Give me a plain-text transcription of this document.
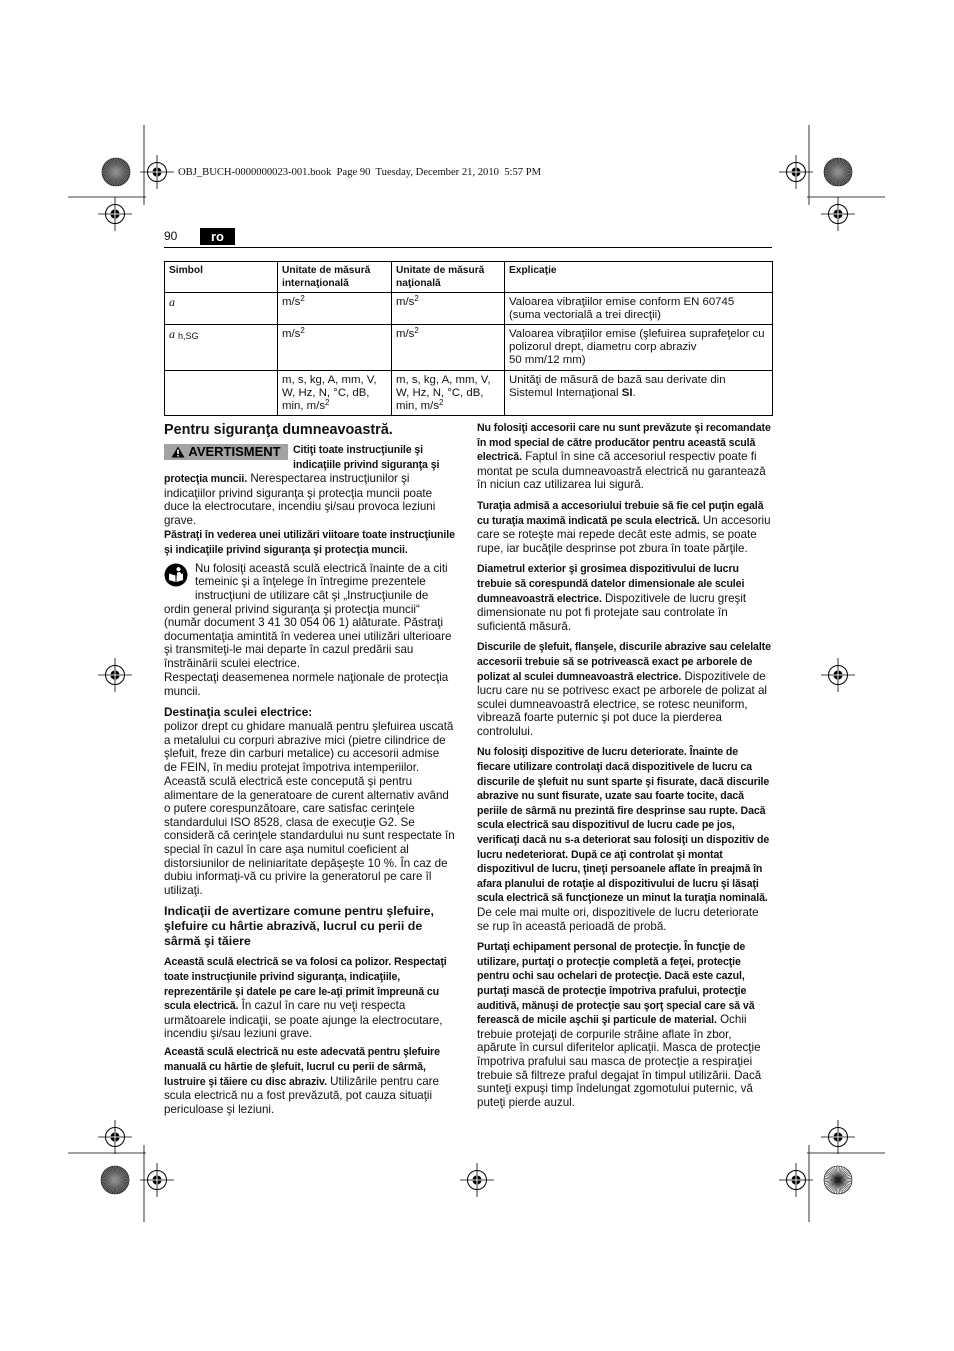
OBJ_BUCH-0000000023-001.book  Page 90  Tuesday, December 21, 2010  5:57 PM
90	ro
Simbol	Unitate de măsură internaţională	Unitate de măsură naţională	Explicaţie
a	$m/s^2$	$m/s^2$	Valoarea vibraţiilor emise conform EN 60745 (suma vectorială a trei direcţii)
a h,SG	$m/s^2$	$m/s^2$	Valoarea vibraţiilor emise (şlefuirea suprafeţelor cu polizorul drept, diametru corp abraziv 50 mm/12 mm)
	m, s, kg, A, mm, V, W, Hz, N, °C, dB, min, $m/s^2$	m, s, kg, A, mm, V, W, Hz, N, °C, dB, min, $m/s^2$	Unităţi de măsură de bază sau derivate din Sistemul Internaţional SI.
Pentru siguranţa dumneavoastră.

AVERTISMENT Citiţi toate instrucţiunile şi indicaţiile privind siguranţa şi protecţia muncii. Nerespectarea instrucţiunilor şi indicaţiilor privind siguranţa şi protecţia muncii poate duce la electrocutare, incendiu şi/sau provoca leziuni grave.

Păstraţi în vederea unei utilizări viitoare toate instrucţiunile şi indicaţiile privind siguranţa şi protecţia muncii.

Nu folosiţi această sculă electrică înainte de a citi temeinic şi a înţelege în întregime prezentele instrucţiuni de utilizare cât şi „Instrucţiunile de ordin general privind siguranţa şi protecţia muncii“ (număr document 3 41 30 054 06 1) alăturate. Păstraţi documentaţia amintită în vederea unei utilizări ulterioare şi transmiteţi-le mai departe în cazul predării sau înstrăinării sculei electrice.

Respectaţi deasemenea normele naţionale de protecţia muncii.

Destinaţia sculei electrice:

polizor drept cu ghidare manuală pentru şlefuirea uscată a metalului cu corpuri abrazive mici (pietre cilindrice de şlefuit, freze din carburi metalice) cu accesorii admise de FEIN, în mediu protejat împotriva intemperiilor.

Această sculă electrică este concepută şi pentru alimentare de la generatoare de curent alternativ având o putere corespunzătoare, care satisfac cerinţele standardului ISO 8528, clasa de execuţie G2. Se consideră că cerinţele standardului nu sunt respectate în special în cazul în care aşa numitul coeficient al distorsiunilor de neliniaritate depăşeşte 10 %. În caz de dubiu informaţi-vă cu privire la generatorul pe care îl utilizaţi.

Indicaţii de avertizare comune pentru şlefuire, şlefuire cu hârtie abrazivă, lucrul cu perii de sârmă şi tăiere

Această sculă electrică se va folosi ca polizor. Respectaţi toate instrucţiunile privind siguranţa, indicaţiile, reprezentările şi datele pe care le-aţi primit împreună cu scula electrică. În cazul în care nu veţi respecta următoarele indicaţii, se poate ajunge la electrocutare, incendiu şi/sau leziuni grave.

Această sculă electrică nu este adecvată pentru şlefuire manuală cu hârtie de şlefuit, lucrul cu perii de sârmă, lustruire şi tăiere cu disc abraziv. Utilizările pentru care scula electrică nu a fost prevăzută, pot cauza situaţii periculoase şi leziuni.

Nu folosiţi accesorii care nu sunt prevăzute şi recomandate în mod special de către producător pentru această sculă electrică. Faptul în sine că accesoriul respectiv poate fi montat pe scula dumneavoastră electrică nu garantează în niciun caz utilizarea lui sigură.

Turaţia admisă a accesoriului trebuie să fie cel puţin egală cu turaţia maximă indicată pe scula electrică. Un accesoriu care se roteşte mai repede decât este admis, se poate rupe, iar bucăţile desprinse pot zbura în toate părţile.

Diametrul exterior şi grosimea dispozitivului de lucru trebuie să corespundă datelor dimensionale ale sculei dumneavoastră electrice. Dispozitivele de lucru greşit dimensionate nu pot fi protejate sau controlate în suficientă măsură.

Discurile de şlefuit, flanşele, discurile abrazive sau celelalte accesorii trebuie să se potrivească exact pe arborele de polizat al sculei dumneavoastră electrice. Dispozitivele de lucru care nu se potrivesc exact pe arborele de polizat al sculei dumneavoastră electrice, se rotesc neuniform, vibrează foarte puternic şi pot duce la pierderea controlului.

Nu folosiţi dispozitive de lucru deteriorate. Înainte de fiecare utilizare controlaţi dacă dispozitivele de lucru ca discurile de şlefuit nu sunt sparte şi fisurate, dacă discurile abrazive nu sunt fisurate, uzate sau foarte tocite, dacă periile de sârmă nu prezintă fire desprinse sau rupte. Dacă scula electrică sau dispozitivul de lucru cade pe jos, verificaţi dacă nu s-a deteriorat sau folosiţi un dispozitiv de lucru nedeteriorat. După ce aţi controlat şi montat dispozitivul de lucru, ţineţi persoanele aflate în preajmă în afara planului de rotaţie al dispozitivului de lucru şi lăsaţi scula electrică să funcţioneze un minut la turaţia nominală. De cele mai multe ori, dispozitivele de lucru deteriorate se rup în această perioadă de probă.

Purtaţi echipament personal de protecţie. În funcţie de utilizare, purtaţi o protecţie completă a feţei, protecţie pentru ochi sau ochelari de protecţie. Dacă este cazul, purtaţi mască de protecţie împotriva prafului, protecţie auditivă, mănuşi de protecţie sau şorţ special care să vă ferească de micile aşchii şi particule de material. Ochii trebuie protejaţi de corpurile străine aflate în zbor, apărute în cursul diferitelor aplicaţii. Masca de protecţie împotriva prafului sau masca de protecţie a respiraţiei trebuie să filtreze praful degajat în timpul utilizării. Dacă sunteţi expuşi timp îndelungat zgomotului puternic, vă puteţi pierde auzul.
